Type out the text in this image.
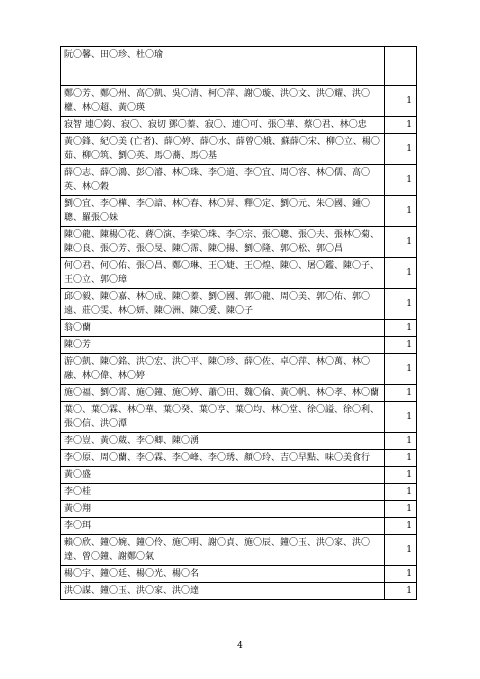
阮〇馨、田〇珍、杜〇瑜	
鄭〇芳、鄭〇州、高〇凱、吳〇清、柯〇萍、謝〇璇、洪〇文、洪〇耀、洪〇權、林〇超、黃〇瑛	1
寂智 連〇鈞、寂〇、寂切 鄧〇蓁、寂〇、連〇可、張〇華、蔡〇君、林〇忠	1
黃〇鋒、紀〇美 (亡者)、薛〇婷、薛〇水、薛曾〇娥、蘇薛〇宋、柳〇立、楊〇茹、柳〇筑、劉〇英、馬〇蕎、馬〇基	1
薛〇志、薛〇鴻、彭〇濬、林〇珠、李〇道、李〇宜、周〇容、林〇儒、高〇英、林〇穀	1
劉〇宜、李〇樺、李〇諳、林〇春、林〇昇、釋〇定、劉〇元、朱〇國、鍾〇聰、羅張〇妹	1
陳〇龍、陳楊〇花、蔣〇演、李梁〇珠、李〇宗、張〇聰、張〇夫、張林〇菊、陳〇良、張〇芳、張〇旻、陳〇霈、陳〇揚、劉〇隆、郭〇松、郭〇昌	1
何〇君、何〇佑、張〇昌、鄭〇琳、王〇婕、王〇煌、陳〇、屠〇鑑、陳〇子、王〇立、郭〇璋	1
邱〇毅、陳〇嘉、林〇成、陳〇蓁、劉〇國、郭〇龍、周〇美、郭〇佑、郭〇遠、莊〇雯、林〇妍、陳〇洲、陳〇愛、陳〇子	1
翁〇蘭	1
陳〇芳	1
游〇凱、陳〇銘、洪〇宏、洪〇平、陳〇珍、薛〇佐、卓〇萍、林〇萬、林〇融、林〇偉、林〇婷	1
施〇福、劉〇霄、施〇鐘、施〇婷、蕭〇田、魏〇倫、黃〇帆、林〇孝、林〇蘭	1
葉〇、葉〇霖、林〇華、葉〇癸、葉〇亨、葉〇均、林〇堂、徐〇謚、徐〇利、張〇信、洪〇潭	1
李〇豈、黃〇葳、李〇卿、陳〇湧	1
李〇原、周〇蘭、李〇霖、李〇峰、李〇琇、顏〇玲、吉〇早點、味〇美食行	1
黃〇盛	1
李〇桂	1
黃〇翔	1
李〇珥	1
賴〇欣、鐘〇婉、鐘〇伶、施〇明、謝〇貞、施〇辰、鐘〇玉、洪〇家、洪〇達、曾〇鐘、謝鄭〇氣	1
楊〇宇、鐘〇廷、楊〇光、楊〇名	1
洪〇謀、鐘〇玉、洪〇家、洪〇達	1
4
